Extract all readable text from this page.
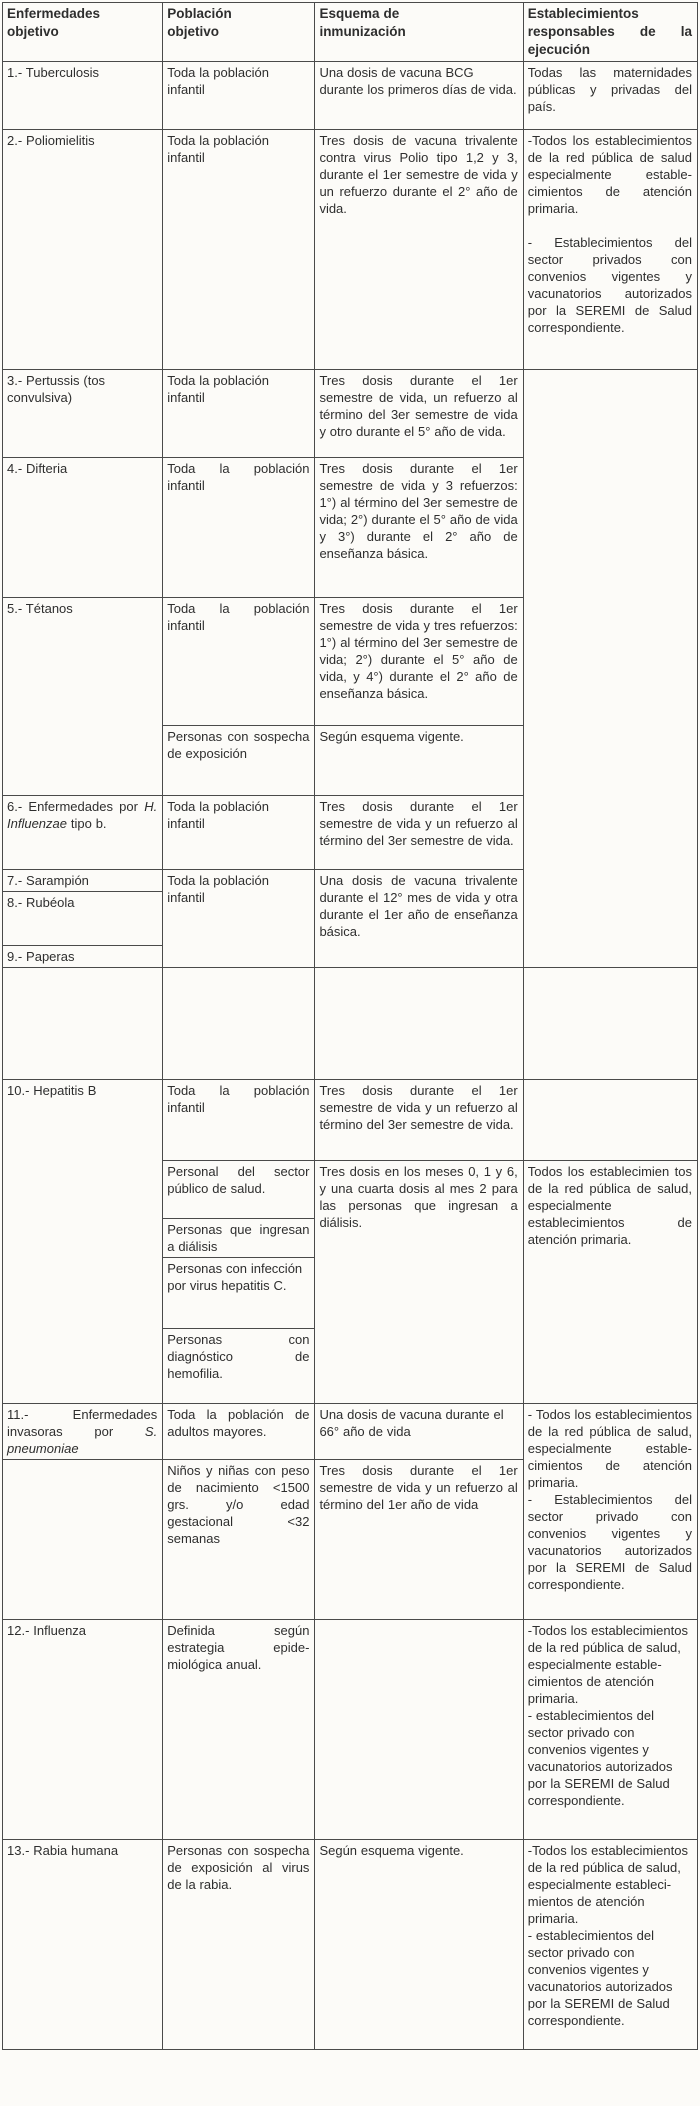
Enfermedades objetivo	Población objetivo	Esquema de inmunización	Establecimientos responsables de la ejecución

1.- Tuberculosis	Toda la población infantil	Una dosis de vacuna BCG durante los primeros días de vida.	Todas las maternidades públicas y privadas del país.

2.- Poliomielitis	Toda la población infantil	Tres dosis de vacuna trivalente contra virus Polio tipo 1,2 y 3, durante el 1er semestre de vida y un refuerzo durante el 2° año de vida.	-Todos los establecimientos de la red pública de salud especialmente establecimientos de atención primaria.
- Establecimientos del sector privados con convenios vigentes y vacunatorios autorizados por la SEREMI de Salud correspondiente.

3.- Pertussis (tos convulsiva)	Toda la población infantil	Tres dosis durante el 1er semestre de vida, un refuerzo al término del 3er semestre de vida y otro durante el 5° año de vida.	

4.- Difteria	Toda la población infantil	Tres dosis durante el 1er semestre de vida y 3 refuerzos: 1°) al término del 3er semestre de vida; 2°) durante el 5° año de vida y 3°) durante el 2° año de enseñanza básica.	

5.- Tétanos	Toda la población infantil	Tres dosis durante el 1er semestre de vida y tres refuerzos: 1°) al término del 3er semestre de vida; 2°) durante el 5° año de vida, y 4°) durante el 2° año de enseñanza básica.	

	Personas con sospecha de exposición	Según esquema vigente.	

6.- Enfermedades por H. Influenzae tipo b.	Toda la población infantil	Tres dosis durante el 1er semestre de vida y un refuerzo al término del 3er semestre de vida.	

7.- Sarampión	Toda la población infantil	Una dosis de vacuna trivalente durante el 12° mes de vida y otra durante el 1er año de enseñanza básica.	

8.- Rubéola			

9.- Paperas			

10.- Hepatitis B	Toda la población infantil	Tres dosis durante el 1er semestre de vida y un refuerzo al término del 3er semestre de vida.	

	Personal del sector público de salud.	Tres dosis en los meses 0, 1 y 6, y una cuarta dosis al mes 2 para las personas que ingresan a diálisis.	Todos los establecimien tos de la red pública de salud, especialmente establecimientos de atención primaria.

	Personas que ingresan a diálisis		

	Personas con infección por virus hepatitis C.		

	Personas con diagnóstico de hemofilia.		

11.- Enfermedades invasoras por S. pneumoniae	Toda la población de adultos mayores.	Una dosis de vacuna durante el 66° año de vida	- Todos los establecimientos de la red pública de salud, especialmente establecimientos de atención primaria.
- Establecimientos del sector privado con convenios vigentes y vacunatorios autorizados por la SEREMI de Salud correspondiente.

	Niños y niñas con peso de nacimiento <1500 grs. y/o edad gestacional <32 semanas	Tres dosis durante el 1er semestre de vida y un refuerzo al término del 1er año de vida	

12.- Influenza	Definida según estrategia epidemiológica anual.		-Todos los establecimientos de la red pública de salud, especialmente establecimientos de atención primaria.
- establecimientos del sector privado con convenios vigentes y vacunatorios autorizados por la SEREMI de Salud correspondiente.

13.- Rabia humana	Personas con sospecha de exposición al virus de la rabia.	Según esquema vigente.	-Todos los establecimientos de la red pública de salud, especialmente establecimientos de atención primaria.
- establecimientos del sector privado con convenios vigentes y vacunatorios autorizados por la SEREMI de Salud correspondiente.
